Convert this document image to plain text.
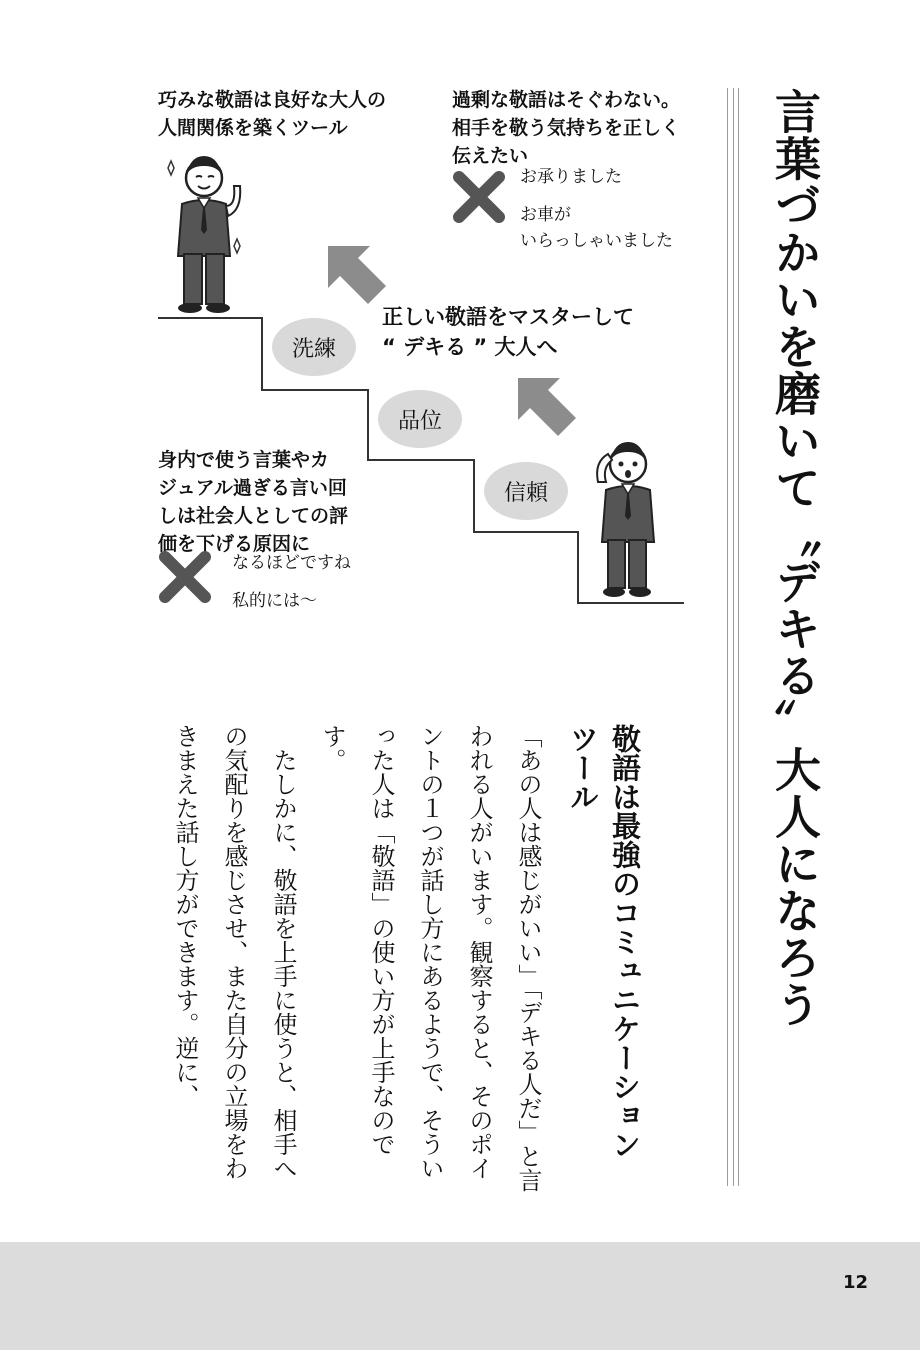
言葉づかいを磨いて〝デキる〟大人になろう
巧みな敬語は良好な大人の
人間関係を築くツール
過剰な敬語はそぐわない。
相手を敬う気持ちを正しく
伝えたい
お承りました
お車が
いらっしゃいました
洗練
品位
信頼
正しい敬語をマスターして
“ デキる ” 大人へ
身内で使う言葉やカ
ジュアル過ぎる言い回
しは社会人としての評
価を下げる原因に
なるほどですね
私的には～
敬語は最強のコミュニケーションツール
「あの人は感じがいい」「デキる人だ」と言われる人がいます。観察すると、そのポイントの１つが話し方にあるようで、そういった人は「敬語」の使い方が上手なのです。
　たしかに、敬語を上手に使うと、相手への気配りを感じさせ、また自分の立場をわきまえた話し方ができます。逆に、
12
